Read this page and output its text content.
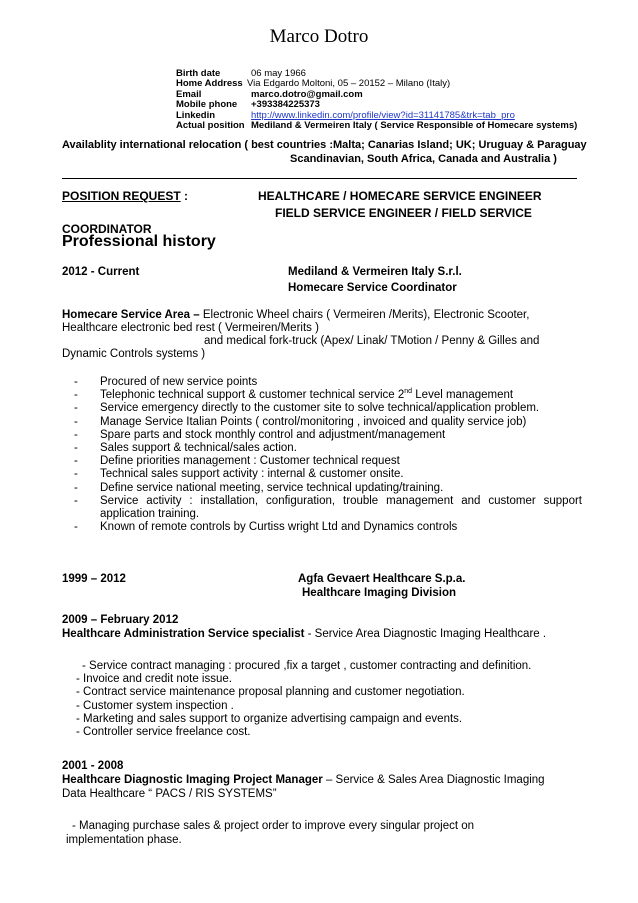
Marco Dotro
Birth date	06 may 1966
Home Address Via Edgardo Moltoni, 05 – 20152 – Milano (Italy)
Email	marco.dotro@gmail.com
Mobile phone +393384225373
Linkedin	http://www.linkedin.com/profile/view?id=31141785&trk=tab_pro
Actual position Mediland & Vermeiren Italy ( Service Responsible of Homecare systems)
Availablity international relocation ( best countries :Malta; Canarias Island; UK; Uruguay & Paraguay
Scandinavian, South Africa, Canada and Australia )
POSITION REQUEST :	HEALTHCARE / HOMECARE SERVICE ENGINEER
FIELD SERVICE ENGINEER / FIELD SERVICE
COORDINATOR
Professional history
2012 - Current	Mediland & Vermeiren Italy S.r.l.
Homecare Service Coordinator
Homecare Service Area – Electronic Wheel chairs ( Vermeiren /Merits), Electronic Scooter,
Healthcare electronic bed rest ( Vermeiren/Merits )
and medical fork-truck (Apex/ Linak/ TMotion / Penny & Gilles and
Dynamic Controls systems )
- Procured of new service points
- Telephonic technical support & customer technical service 2nd Level management
- Service emergency directly to the customer site to solve technical/application problem.
- Manage Service Italian Points ( control/monitoring , invoiced and quality service job)
- Spare parts and stock monthly control and adjustment/management
- Sales support & technical/sales action.
- Define priorities management : Customer technical request
- Technical sales support activity : internal & customer onsite.
- Define service national meeting, service technical updating/training.
- Service activity : installation, configuration, trouble management and customer support application training.
- Known of remote controls by Curtiss wright Ltd and Dynamics controls
1999 – 2012	Agfa Gevaert Healthcare S.p.a.
Healthcare Imaging Division
2009 – February 2012
Healthcare Administration Service specialist - Service Area Diagnostic Imaging Healthcare .
- Service contract managing : procured ,fix a target , customer contracting and definition.
- Invoice and credit note issue.
- Contract service maintenance proposal planning and customer negotiation.
- Customer system inspection .
- Marketing and sales support to organize advertising campaign and events.
- Controller service freelance cost.
2001 - 2008
Healthcare Diagnostic Imaging Project Manager – Service & Sales Area Diagnostic Imaging
Data Healthcare “ PACS / RIS SYSTEMS”
- Managing purchase sales & project order to improve every singular project on
implementation phase.
